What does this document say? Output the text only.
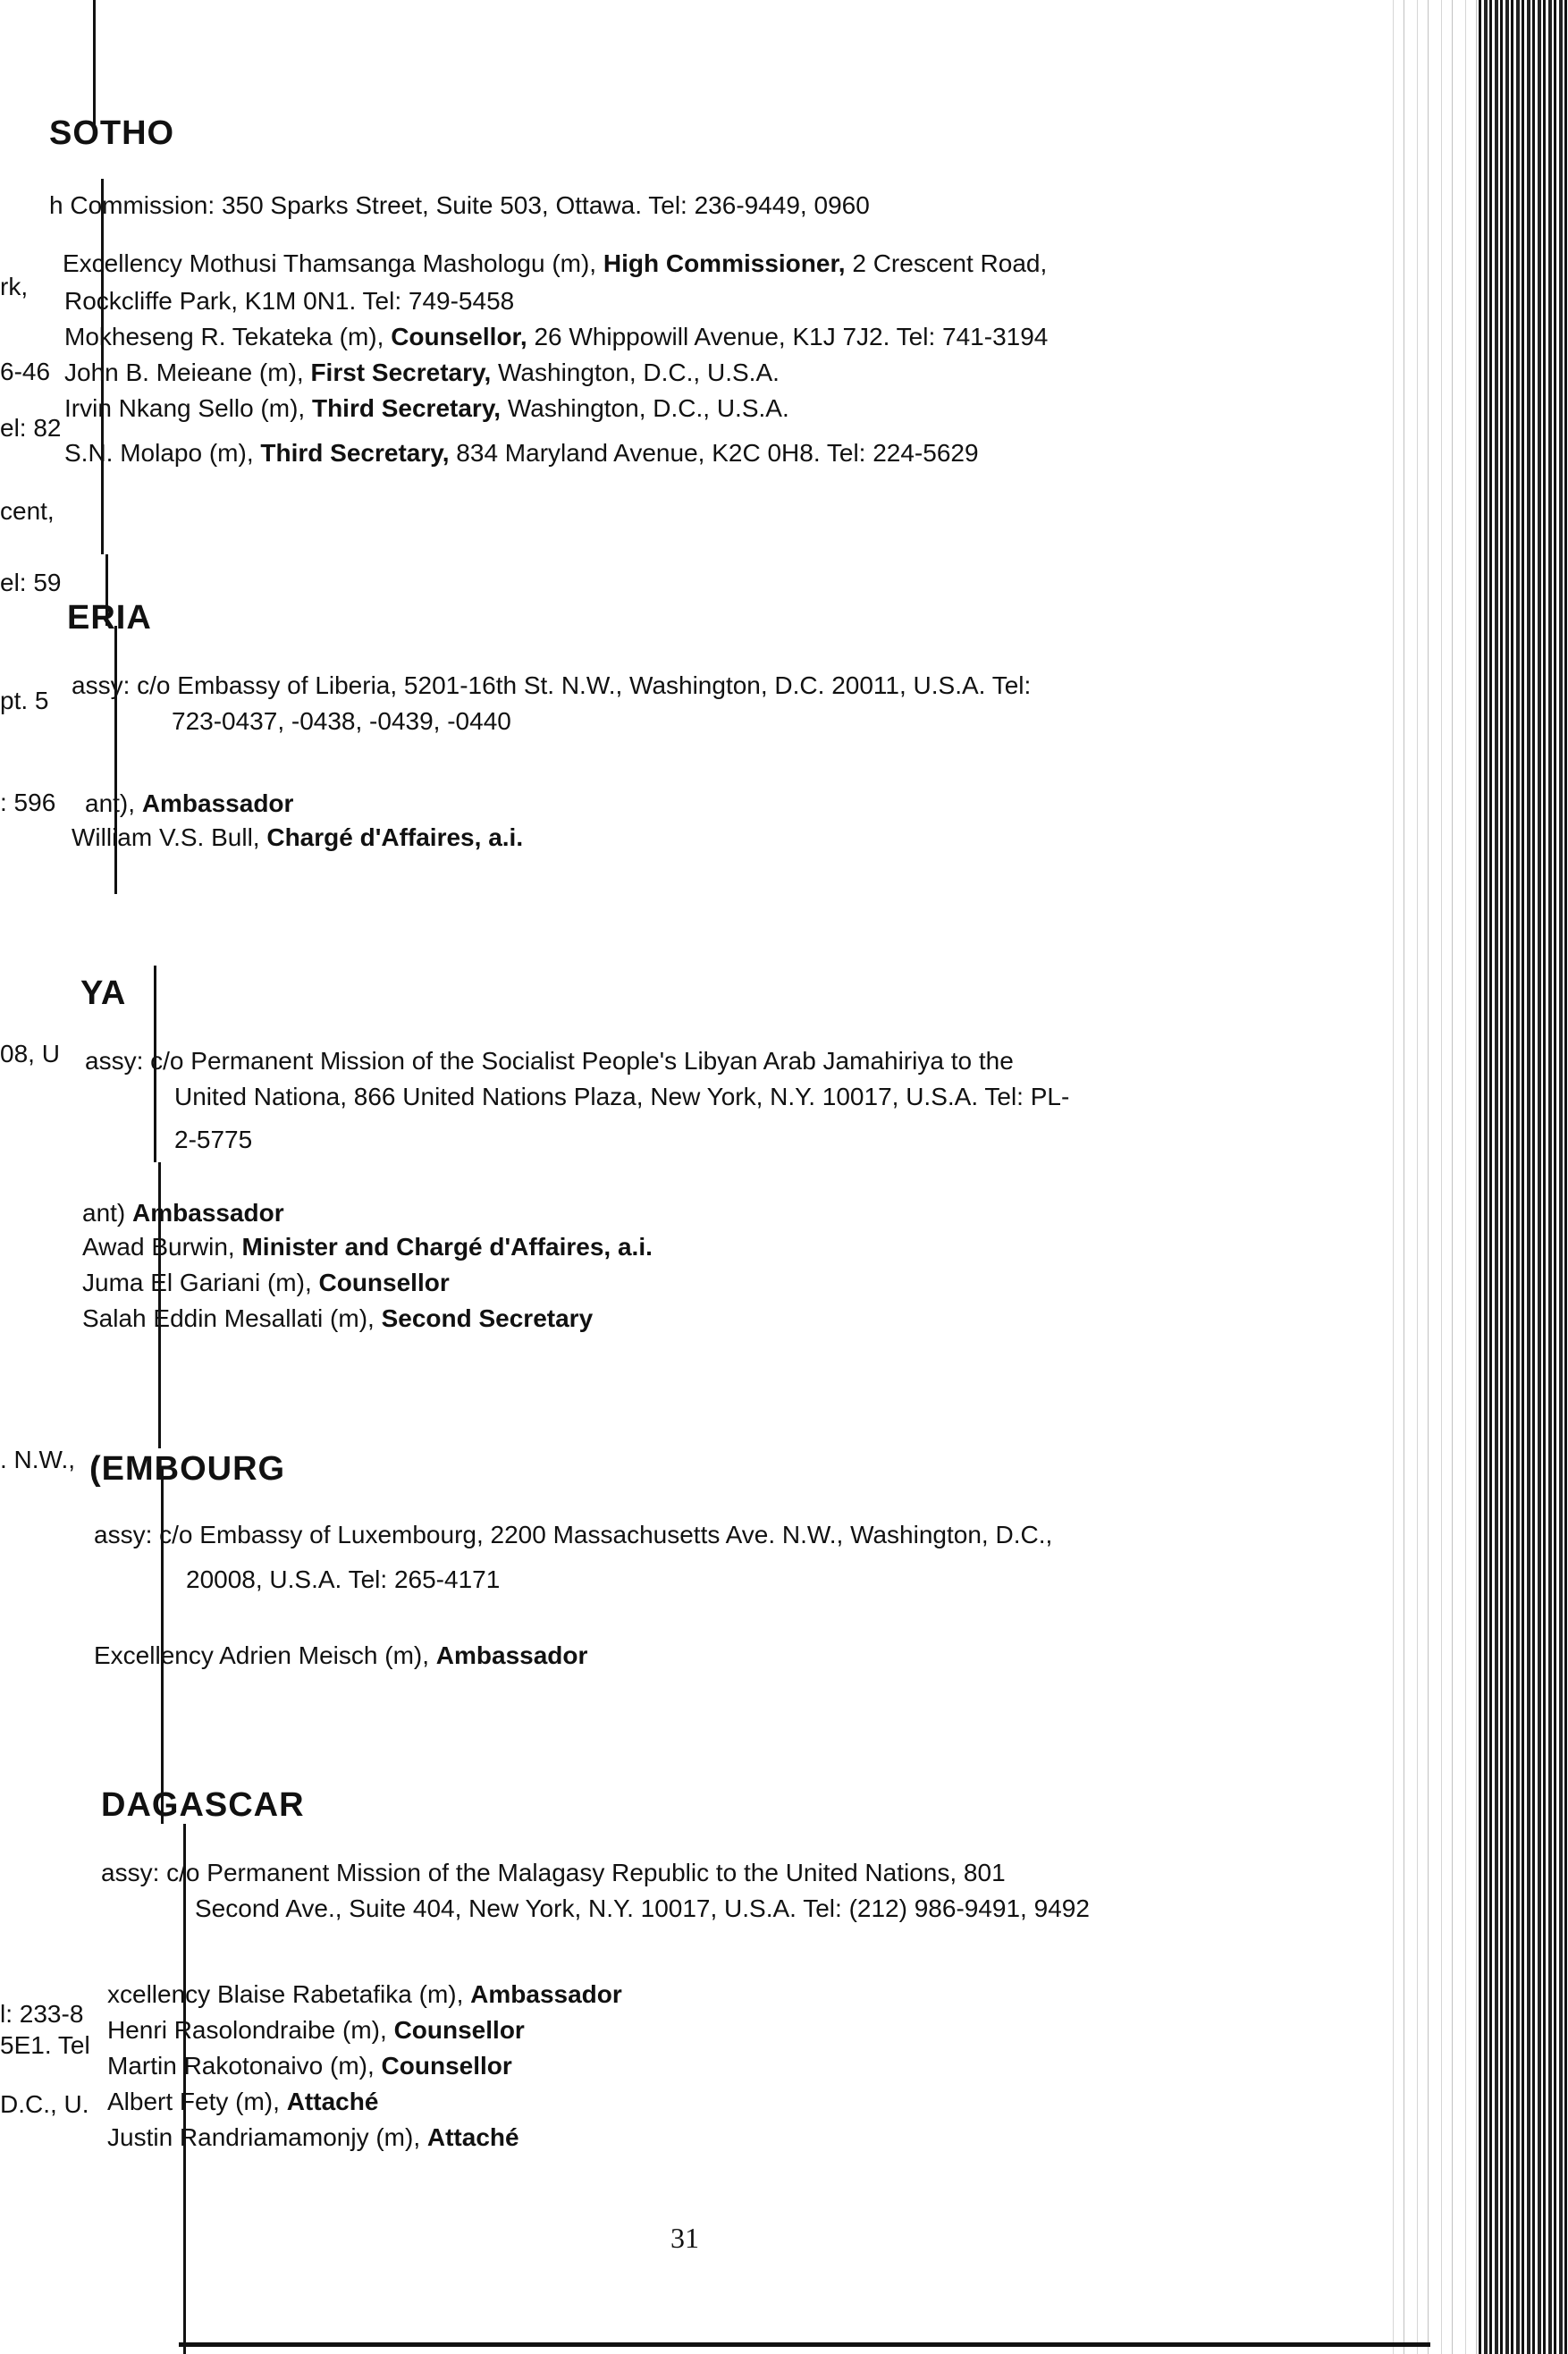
rk,
6-46
el: 82
cent,
el: 59
pt. 5
: 596
08, U
. N.W.,
l: 233-8
5E1. Tel
D.C., U.
SOTHO
h Commission: 350 Sparks Street, Suite 503, Ottawa. Tel: 236-9449, 0960
Excellency Mothusi Thamsanga Mashologu (m), High Commissioner, 2 Crescent Road,
Rockcliffe Park, K1M 0N1. Tel: 749-5458
Mokheseng R. Tekateka (m), Counsellor, 26 Whippowill Avenue, K1J 7J2. Tel: 741-3194
John B. Meieane (m), First Secretary, Washington, D.C., U.S.A.
Irvin Nkang Sello (m), Third Secretary, Washington, D.C., U.S.A.
S.N. Molapo (m), Third Secretary, 834 Maryland Avenue, K2C 0H8. Tel: 224-5629
ERIA
assy: c/o Embassy of Liberia, 5201-16th St. N.W., Washington, D.C. 20011, U.S.A. Tel:
723-0437, -0438, -0439, -0440
ant), Ambassador
William V.S. Bull, Chargé d'Affaires, a.i.
YA
assy: c/o Permanent Mission of the Socialist People's Libyan Arab Jamahiriya to the
United Nationa, 866 United Nations Plaza, New York, N.Y. 10017, U.S.A. Tel: PL-
2-5775
ant) Ambassador
Awad Burwin, Minister and Chargé d'Affaires, a.i.
Juma El Gariani (m), Counsellor
Salah Eddin Mesallati (m), Second Secretary
(EMBOURG
assy: c/o Embassy of Luxembourg, 2200 Massachusetts Ave. N.W., Washington, D.C.,
20008, U.S.A. Tel: 265-4171
Excellency Adrien Meisch (m), Ambassador
DAGASCAR
assy: c/o Permanent Mission of the Malagasy Republic to the United Nations, 801
Second Ave., Suite 404, New York, N.Y. 10017, U.S.A. Tel: (212) 986-9491, 9492
xcellency Blaise Rabetafika (m), Ambassador
Henri Rasolondraibe (m), Counsellor
Martin Rakotonaivo (m), Counsellor
Albert Fety (m), Attaché
Justin Randriamamonjy (m), Attaché
31
